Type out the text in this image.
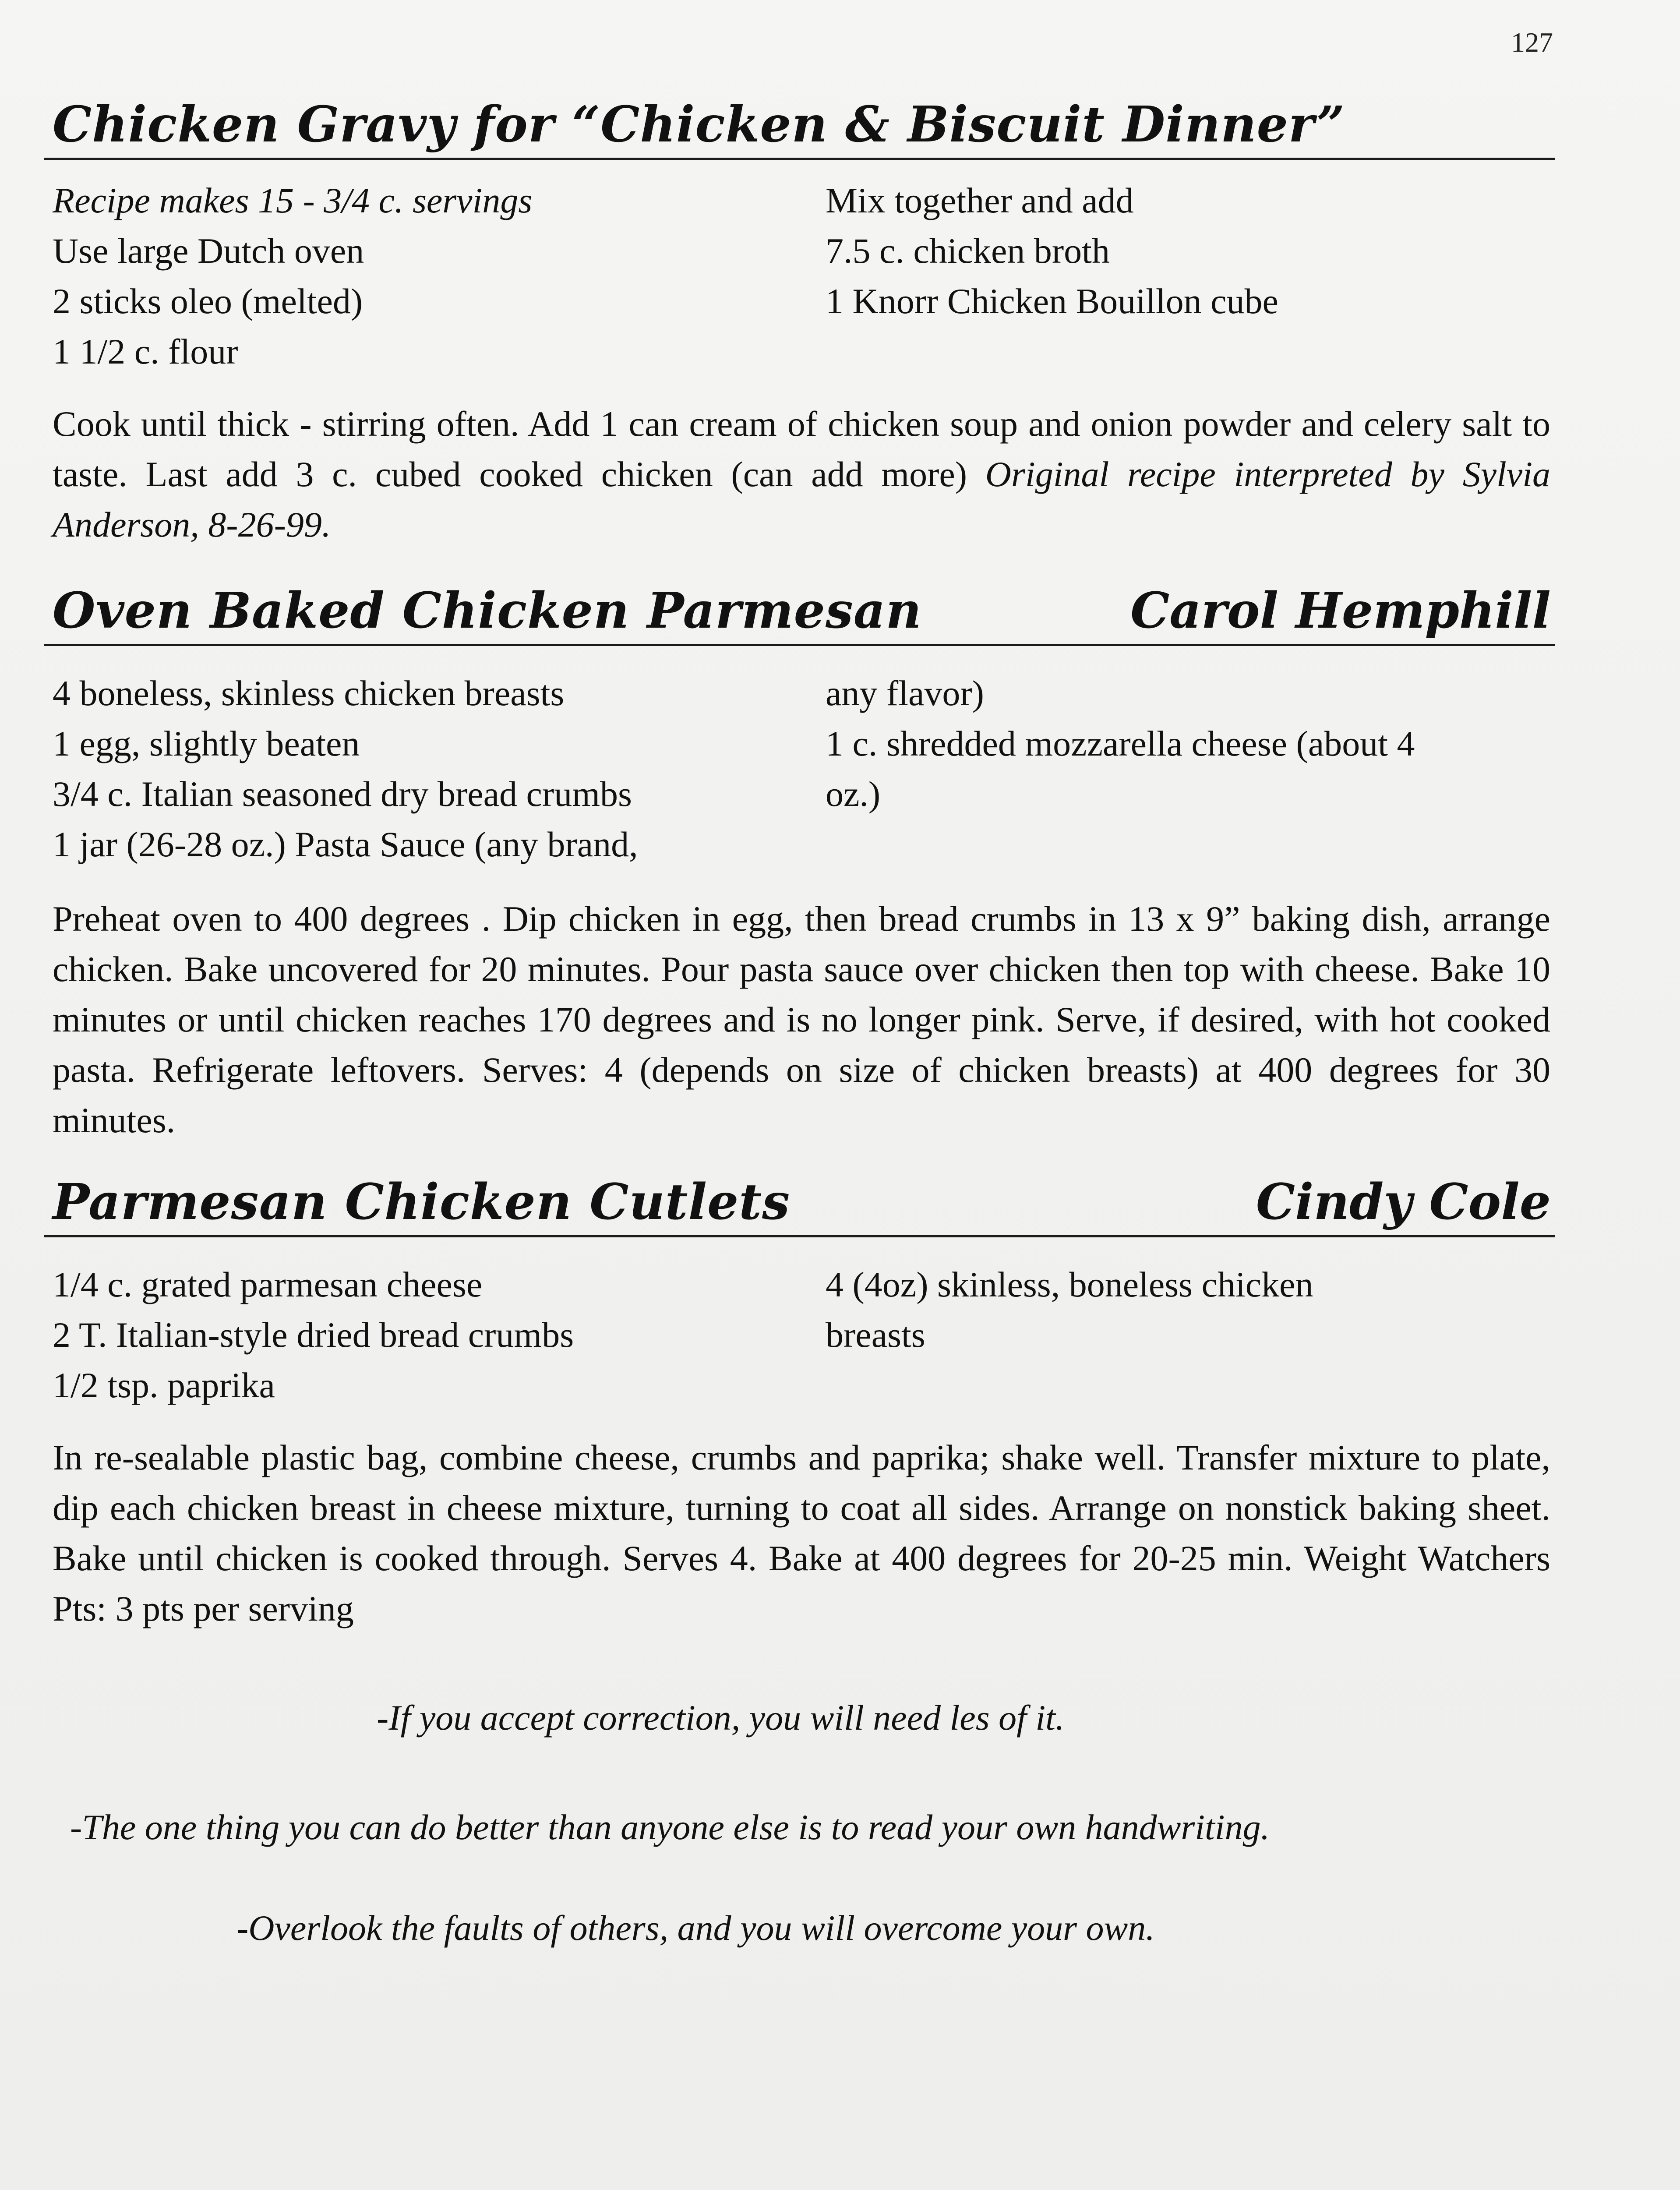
127
Chicken Gravy for “Chicken & Biscuit Dinner”
Recipe makes 15 - 3/4 c. servings
Use large Dutch oven
2 sticks oleo (melted)
1 1/2 c. flour
Mix together and add
7.5 c. chicken broth
1 Knorr Chicken Bouillon cube
Cook until thick - stirring often. Add 1 can cream of chicken soup and onion powder and celery salt to taste. Last add 3 c. cubed cooked chicken (can add more) Original recipe interpreted by Sylvia Anderson, 8-26-99.
Oven Baked Chicken Parmesan	Carol Hemphill
4 boneless, skinless chicken breasts
1 egg, slightly beaten
3/4 c. Italian seasoned dry bread crumbs
1 jar (26-28 oz.) Pasta Sauce (any brand,
any flavor)
1 c. shredded mozzarella cheese (about 4
oz.)
Preheat oven to 400 degrees . Dip chicken in egg, then bread crumbs in 13 x 9” baking dish, arrange chicken. Bake uncovered for 20 minutes. Pour pasta sauce over chicken then top with cheese. Bake 10 minutes or until chicken reaches 170 degrees and is no longer pink. Serve, if desired, with hot cooked pasta. Refrigerate leftovers. Serves: 4 (depends on size of chicken breasts) at 400 degrees for 30 minutes.
Parmesan Chicken Cutlets	Cindy Cole
1/4 c. grated parmesan cheese
2 T. Italian-style dried bread crumbs
1/2 tsp. paprika
4 (4oz) skinless, boneless chicken
breasts
In re-sealable plastic bag, combine cheese, crumbs and paprika; shake well. Transfer mixture to plate, dip each chicken breast in cheese mixture, turning to coat all sides. Arrange on nonstick baking sheet. Bake until chicken is cooked through. Serves 4. Bake at 400 degrees for 20-25 min. Weight Watchers Pts: 3 pts per serving
-If you accept correction, you will need les of it.
-The one thing you can do better than anyone else is to read your own handwriting.
-Overlook the faults of others, and you will overcome your own.
